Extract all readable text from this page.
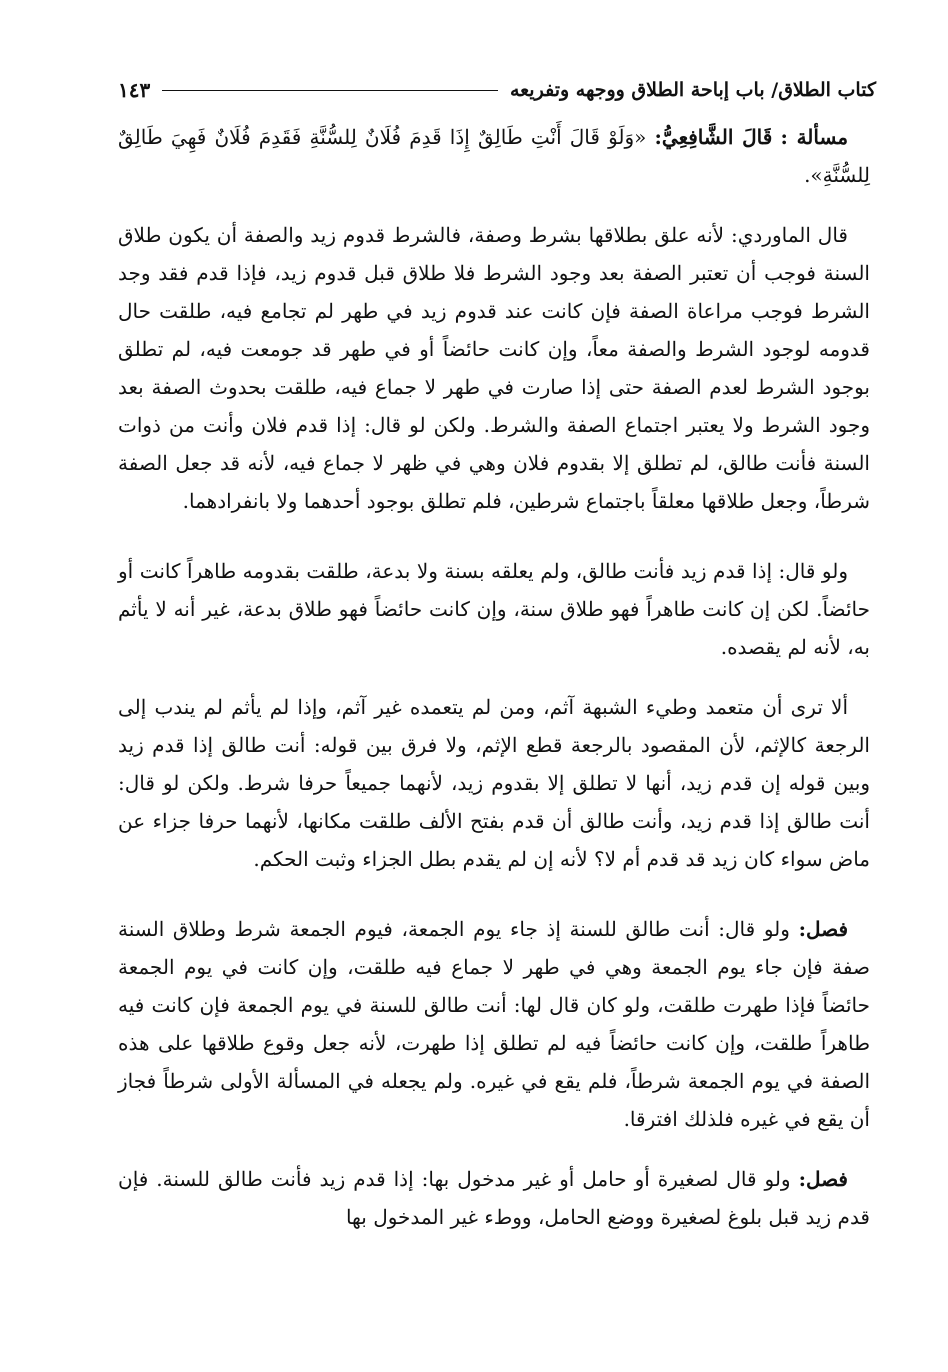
كتاب الطلاق/ باب إباحة الطلاق ووجهه وتفريعه
١٤٣

مسألة : قَالَ الشَّافِعِيُّ: «وَلَوْ قَالَ أَنْتِ طَالِقٌ إِذَا قَدِمَ فُلَانٌ لِلسُّنَّةِ فَقَدِمَ فُلَانٌ فَهِيَ طَالِقٌ لِلسُّنَّةِ».

قال الماوردي: لأنه علق بطلاقها بشرط وصفة، فالشرط قدوم زيد والصفة أن يكون طلاق السنة فوجب أن تعتبر الصفة بعد وجود الشرط فلا طلاق قبل قدوم زيد، فإذا قدم فقد وجد الشرط فوجب مراعاة الصفة فإن كانت عند قدوم زيد في طهر لم تجامع فيه، طلقت حال قدومه لوجود الشرط والصفة معاً، وإن كانت حائضاً أو في طهر قد جومعت فيه، لم تطلق بوجود الشرط لعدم الصفة حتى إذا صارت في طهر لا جماع فيه، طلقت بحدوث الصفة بعد وجود الشرط ولا يعتبر اجتماع الصفة والشرط. ولكن لو قال: إذا قدم فلان وأنت من ذوات السنة فأنت طالق، لم تطلق إلا بقدوم فلان وهي في ظهر لا جماع فيه، لأنه قد جعل الصفة شرطاً، وجعل طلاقها معلقاً باجتماع شرطين، فلم تطلق بوجود أحدهما ولا بانفرادهما.

ولو قال: إذا قدم زيد فأنت طالق، ولم يعلقه بسنة ولا بدعة، طلقت بقدومه طاهراً كانت أو حائضاً. لكن إن كانت طاهراً فهو طلاق سنة، وإن كانت حائضاً فهو طلاق بدعة، غير أنه لا يأثم به، لأنه لم يقصده.

ألا ترى أن متعمد وطيء الشبهة آثم، ومن لم يتعمده غير آثم، وإذا لم يأثم لم يندب إلى الرجعة كالإثم، لأن المقصود بالرجعة قطع الإثم، ولا فرق بين قوله: أنت طالق إذا قدم زيد وبين قوله إن قدم زيد، أنها لا تطلق إلا بقدوم زيد، لأنهما جميعاً حرفا شرط. ولكن لو قال: أنت طالق إذا قدم زيد، وأنت طالق أن قدم بفتح الألف طلقت مكانها، لأنهما حرفا جزاء عن ماض سواء كان زيد قد قدم أم لا؟ لأنه إن لم يقدم بطل الجزاء وثبت الحكم.

فصل: ولو قال: أنت طالق للسنة إذ جاء يوم الجمعة، فيوم الجمعة شرط وطلاق السنة صفة فإن جاء يوم الجمعة وهي في طهر لا جماع فيه طلقت، وإن كانت في يوم الجمعة حائضاً فإذا طهرت طلقت، ولو كان قال لها: أنت طالق للسنة في يوم الجمعة فإن كانت فيه طاهراً طلقت، وإن كانت حائضاً فيه لم تطلق إذا طهرت، لأنه جعل وقوع طلاقها على هذه الصفة في يوم الجمعة شرطاً، فلم يقع في غيره. ولم يجعله في المسألة الأولى شرطاً فجاز أن يقع في غيره فلذلك افترقا.

فصل: ولو قال لصغيرة أو حامل أو غير مدخول بها: إذا قدم زيد فأنت طالق للسنة. فإن قدم زيد قبل بلوغ لصغيرة ووضع الحامل، ووطء غير المدخول بها
